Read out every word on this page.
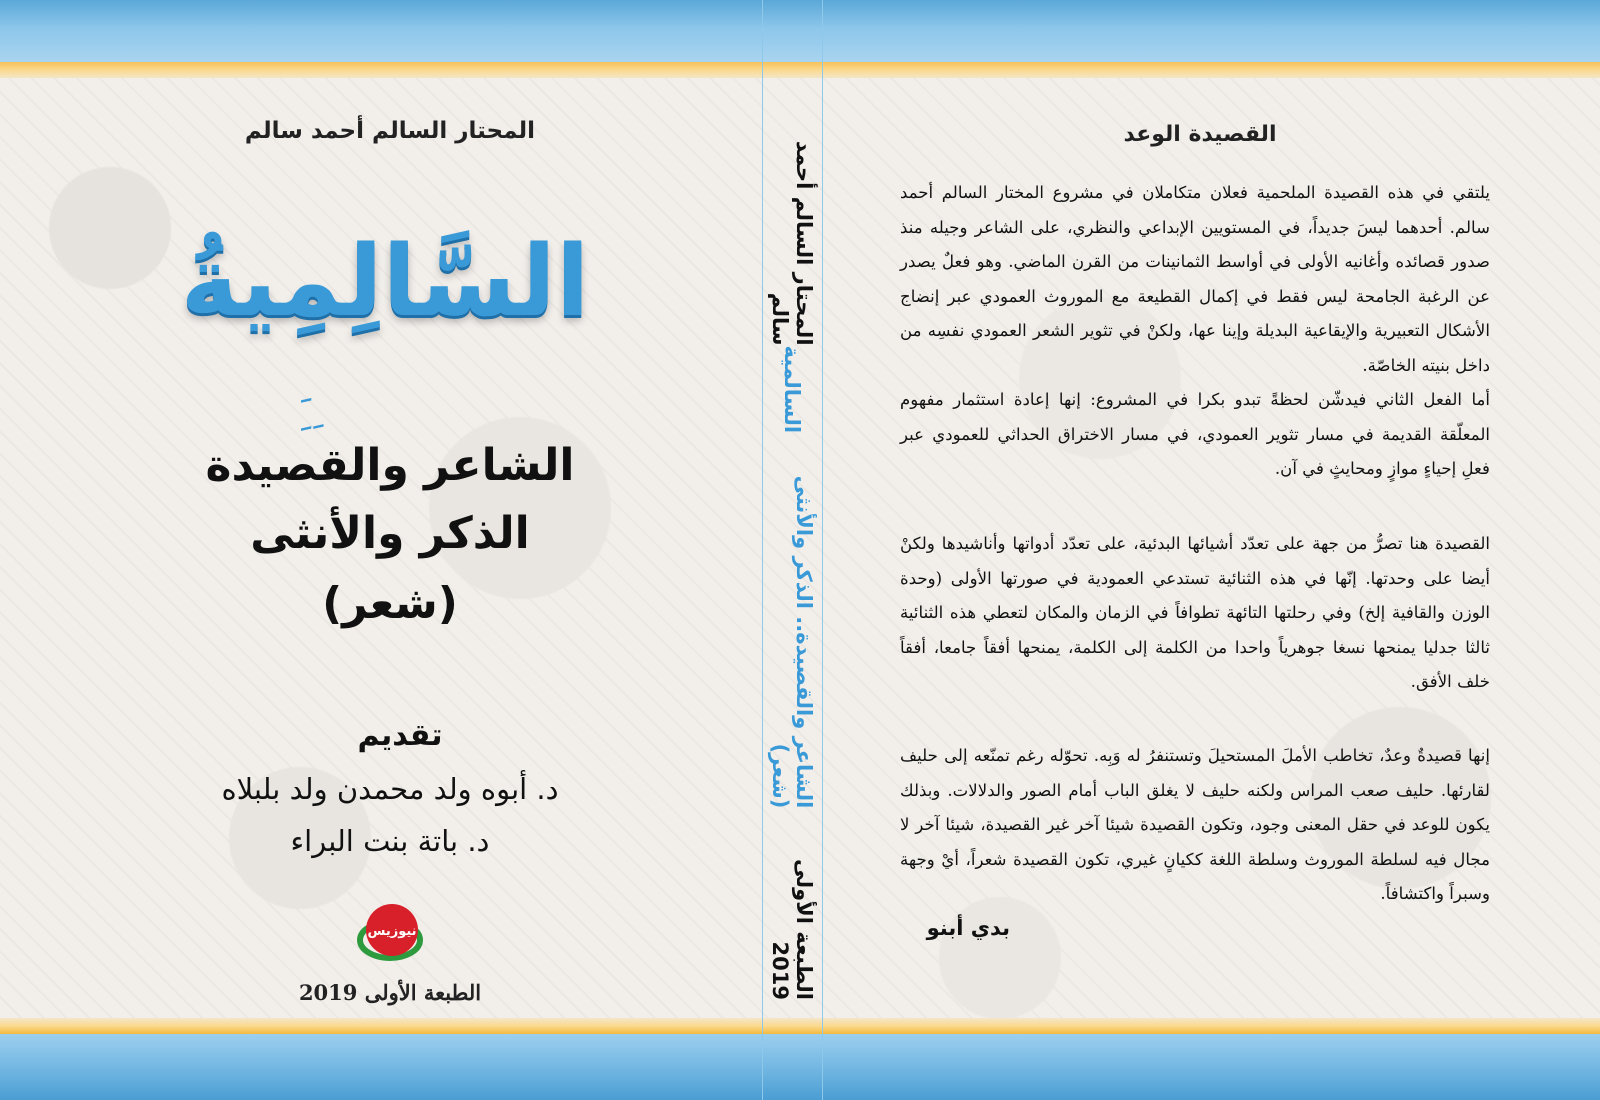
المحتار السالم أحمد سالم
السَّالِمِيةُ
ِ َ ِ
الشاعر والقصيدة
الذكر والأنثى
(شعر)
تقديم
د. أبوه ولد محمدن ولد بلبلاه
د. باتة بنت البراء
نيوزيس
الطبعة الأولى 2019
المحتار السالم أحمد سالم
السالمية
الشاعر والقصيدة.. الذكر والأنثى (شعر)
الطبعة الأولى 2019
القصيدة الوعد
يلتقي في هذه القصيدة الملحمية فعلان متكاملان في مشروع المختار السالم أحمد سالم. أحدهما ليسَ جديداً، في المستويين الإبداعي والنظري، على الشاعر وجيله منذ صدور قصائده وأغانيه الأولى في أواسط الثمانينات من القرن الماضي. وهو فعلٌ يصدر عن الرغبة الجامحة ليس فقط في إكمال القطيعة مع الموروث العمودي عبر إنضاج الأشكال التعبيرية والإيقاعية البديلة وإينا عها، ولكنْ في تثوير الشعر العمودي نفسِه من داخل بنيته الخاصّة.
أما الفعل الثاني فيدشّن لحظةً تبدو بكرا في المشروع: إنها إعادة استثمار مفهوم المعلّقة القديمة في مسار تثوير العمودي، في مسار الاختراق الحداثي للعمودي عبر فعلِ إحياءٍ موازٍ ومحايثٍ في آن.
القصيدة هنا تصرُّ من جهة على تعدّد أشيائها البدئية، على تعدّد أدواتها وأناشيدها ولكنْ أيضا على وحدتها. إنّها في هذه الثنائية تستدعي العمودية في صورتها الأولى (وحدة الوزن والقافية إلخ) وفي رحلتها التائهة تطوافاً في الزمان والمكان لتعطي هذه الثنائية ثالثا جدليا يمنحها نسغا جوهرياً واحدا من الكلمة إلى الكلمة، يمنحها أفقاً جامعا، أفقاً خلف الأفق.
إنها قصيدةٌ وعدٌ، تخاطب الأملَ المستحيلَ وتستنفرُ له وَبِه. تحوّله رغم تمنّعه إلى حليف لقارئها. حليف صعب المراس ولكنه حليف لا يغلق الباب أمام الصور والدلالات. وبذلك يكون للوعد في حقل المعنى وجود، وتكون القصيدة شيئا آخر غير القصيدة، شيئا آخر لا مجال فيه لسلطة الموروث وسلطة اللغة ككيانٍ غيري، تكون القصيدة شعراً، أيْ وجهة وسبراً واكتشافاً.
بدي أبنو
